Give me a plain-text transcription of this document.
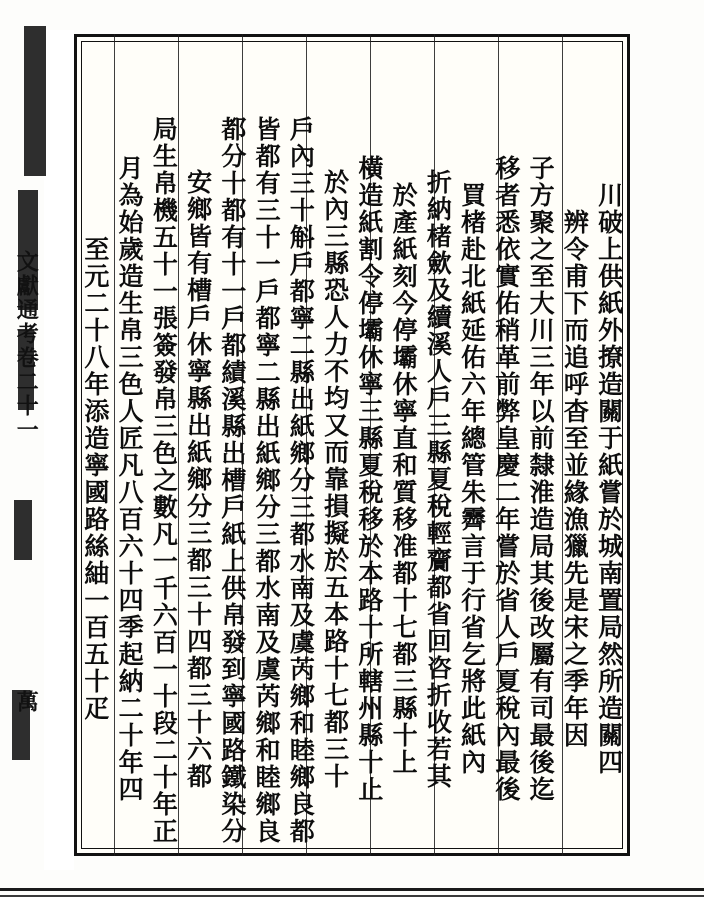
文獻通考卷二十一	川破上供紙外撩造關于紙嘗於城南置局然所造關四
辨令甫下而追呼杳至並緣漁獵先是宋之季年因
子方聚之至大川三年以前隸淮造局其後改屬有司最後迄
移者悉依實佑稍革前弊皇慶二年嘗於省人戶夏稅內最後
買楮赴北紙延佑六年總管朱霽言于行省乞將此紙內
折納楮歛及續溪人戶三縣夏稅輕齎都省回咨折收若其
於產紙刻今停壩休寧直和質移准都十七都三縣十上
橫造紙割令停壩休寧三縣夏稅移於本路十所轄州縣十止
於內三縣恐人力不均又而靠損擬於五本路十七都三十
戶內三十斛戶都寧二縣出紙鄉分三都水南及虞芮鄉和睦鄉良都
皆都有三十一戶都寧二縣出紙鄉分三都水南及虞芮鄉和睦鄉良
都分十都有十一戶都績溪縣出槽戶紙上供帛發到寧國路鐵染分
安鄉皆有槽戶休寧縣出紙鄉分三都三十四都三十六都
局生帛機五十一張簽發帛三色之數凡一千六百一十段二十年正
月為始歲造生帛三色人匠凡八百六十四季起納二十年四
至元二十八年添造寧國路絲紬一百五十疋
萬
